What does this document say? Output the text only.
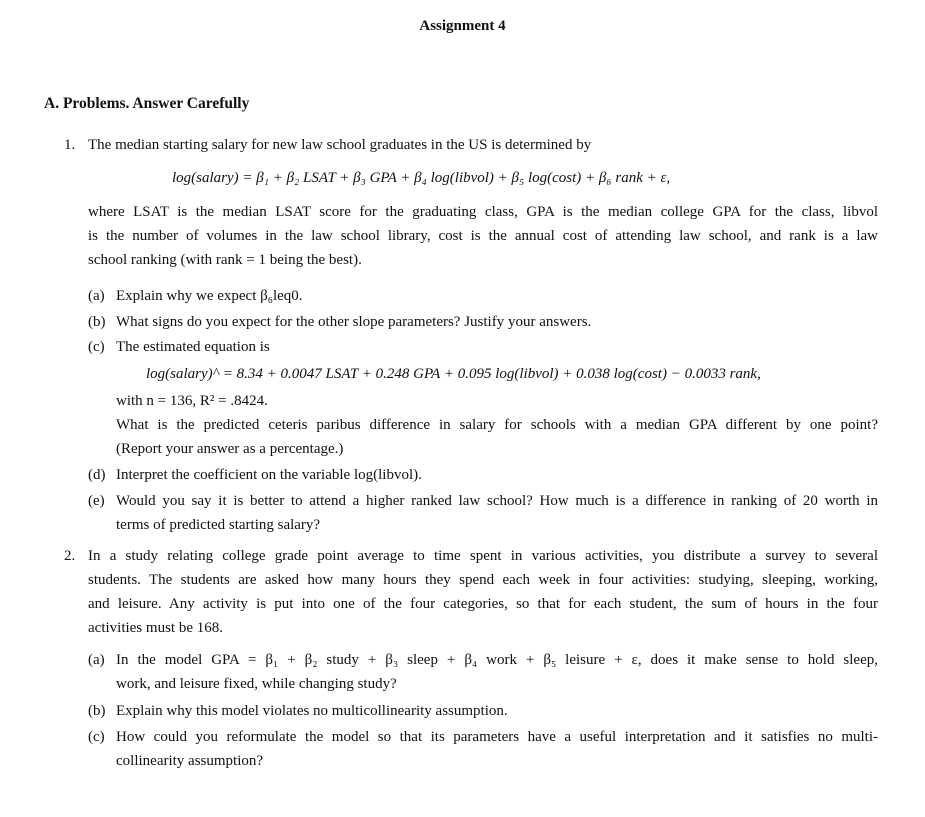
Assignment 4
A. Problems. Answer Carefully
1. The median starting salary for new law school graduates in the US is determined by
log(salary) = β₁ + β₂ LSAT + β₃ GPA + β₄ log(libvol) + β₅ log(cost) + β₆ rank + ε,
where LSAT is the median LSAT score for the graduating class, GPA is the median college GPA for the class, libvol
is the number of volumes in the law school library, cost is the annual cost of attending law school, and rank is a law
school ranking (with rank = 1 being the best).
(a) Explain why we expect β₆leq0.
(b) What signs do you expect for the other slope parameters? Justify your answers.
(c) The estimated equation is
log(salary)^ = 8.34 + 0.0047 LSAT + 0.248 GPA + 0.095 log(libvol) + 0.038 log(cost) − 0.0033 rank,
with n = 136, R² = .8424.
What is the predicted ceteris paribus difference in salary for schools with a median GPA different by one point?
(Report your answer as a percentage.)
(d) Interpret the coefficient on the variable log(libvol).
(e) Would you say it is better to attend a higher ranked law school? How much is a difference in ranking of 20 worth in
terms of predicted starting salary?
2. In a study relating college grade point average to time spent in various activities, you distribute a survey to several
students. The students are asked how many hours they spend each week in four activities: studying, sleeping, working,
and leisure. Any activity is put into one of the four categories, so that for each student, the sum of hours in the four
activities must be 168.
(a) In the model GPA = β₁ + β₂ study + β₃ sleep + β₄ work + β₅ leisure + ε, does it make sense to hold sleep,
work, and leisure fixed, while changing study?
(b) Explain why this model violates no multicollinearity assumption.
(c) How could you reformulate the model so that its parameters have a useful interpretation and it satisfies no multi-
collinearity assumption?
